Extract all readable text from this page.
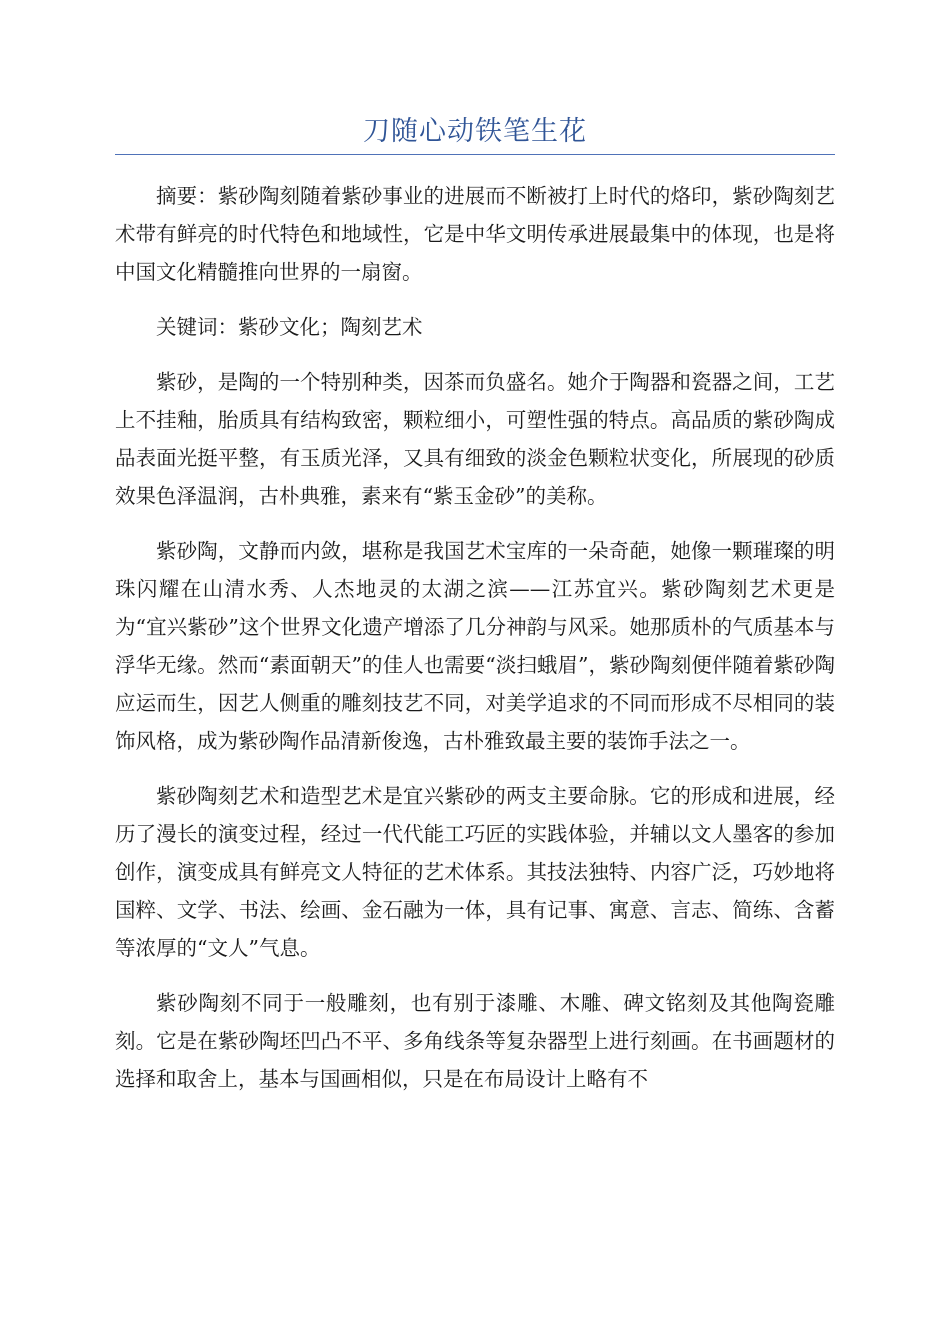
刀随心动铁笔生花

摘要：紫砂陶刻随着紫砂事业的进展而不断被打上时代的烙印，紫砂陶刻艺术带有鲜亮的时代特色和地域性，它是中华文明传承进展最集中的体现，也是将中国文化精髓推向世界的一扇窗。

关键词：紫砂文化；陶刻艺术

紫砂，是陶的一个特别种类，因茶而负盛名。她介于陶器和瓷器之间，工艺上不挂釉，胎质具有结构致密，颗粒细小，可塑性强的特点。高品质的紫砂陶成品表面光挺平整，有玉质光泽，又具有细致的淡金色颗粒状变化，所展现的砂质效果色泽温润，古朴典雅，素来有“紫玉金砂”的美称。

紫砂陶，文静而内敛，堪称是我国艺术宝库的一朵奇葩，她像一颗璀璨的明珠闪耀在山清水秀、人杰地灵的太湖之滨——江苏宜兴。紫砂陶刻艺术更是为“宜兴紫砂”这个世界文化遗产增添了几分神韵与风采。她那质朴的气质基本与浮华无缘。然而“素面朝天”的佳人也需要“淡扫蛾眉”，紫砂陶刻便伴随着紫砂陶应运而生，因艺人侧重的雕刻技艺不同，对美学追求的不同而形成不尽相同的装饰风格，成为紫砂陶作品清新俊逸，古朴雅致最主要的装饰手法之一。

紫砂陶刻艺术和造型艺术是宜兴紫砂的两支主要命脉。它的形成和进展，经历了漫长的演变过程，经过一代代能工巧匠的实践体验，并辅以文人墨客的参加创作，演变成具有鲜亮文人特征的艺术体系。其技法独特、内容广泛，巧妙地将国粹、文学、书法、绘画、金石融为一体，具有记事、寓意、言志、简练、含蓄等浓厚的“文人”气息。

紫砂陶刻不同于一般雕刻，也有别于漆雕、木雕、碑文铭刻及其他陶瓷雕刻。它是在紫砂陶坯凹凸不平、多角线条等复杂器型上进行刻画。在书画题材的选择和取舍上，基本与国画相似，只是在布局设计上略有不
